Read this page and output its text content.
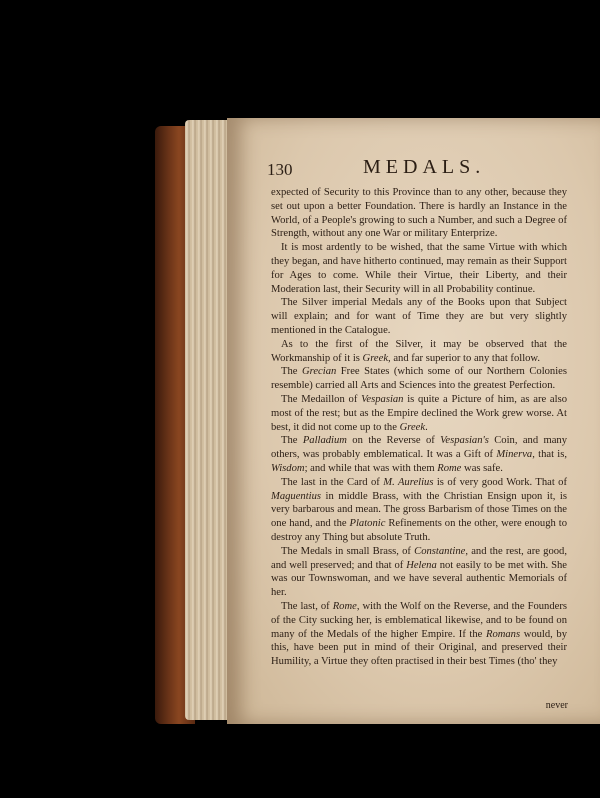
130	MEDALS.

expected of Security to this Province than to any other, because they set out upon a better Foundation. There is hardly an Instance in the World, of a People's growing to such a Number, and such a Degree of Strength, without any one War or military Enterprize.

It is most ardently to be wished, that the same Virtue with which they began, and have hitherto continued, may remain as their Support for Ages to come. While their Virtue, their Liberty, and their Moderation last, their Security will in all Probability continue.

The Silver imperial Medals any of the Books upon that Subject will explain; and for want of Time they are but very slightly mentioned in the Catalogue.

As to the first of the Silver, it may be observed that the Workmanship of it is Greek, and far superior to any that follow.

The Grecian Free States (which some of our Northern Colonies resemble) carried all Arts and Sciences into the greatest Perfection.

The Medaillon of Vespasian is quite a Picture of him, as are also most of the rest; but as the Empire declined the Work grew worse. At best, it did not come up to the Greek.

The Palladium on the Reverse of Vespasian's Coin, and many others, was probably emblematical. It was a Gift of Minerva, that is, Wisdom; and while that was with them Rome was safe.

The last in the Card of M. Aurelius is of very good Work. That of Maguentius in middle Brass, with the Christian Ensign upon it, is very barbarous and mean. The gross Barbarism of those Times on the one hand, and the Platonic Refinements on the other, were enough to destroy any Thing but absolute Truth.

The Medals in small Brass, of Constantine, and the rest, are good, and well preserved; and that of Helena not easily to be met with. She was our Townswoman, and we have several authentic Memorials of her.

The last, of Rome, with the Wolf on the Reverse, and the Founders of the City sucking her, is emblematical likewise, and to be found on many of the Medals of the higher Empire. If the Romans would, by this, have been put in mind of their Original, and preserved their Humility, a Virtue they often practised in their best Times (tho' they

never
